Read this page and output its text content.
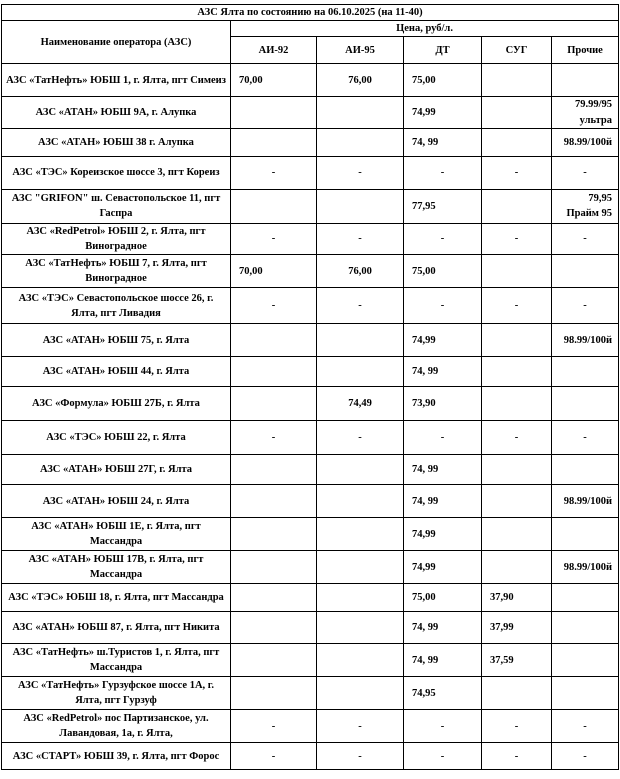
АЗС Ялта по состоянию на 06.10.2025 (на 11-40)					
Наименование оператора (АЗС)	Цена, руб/л.				
	АИ-92	АИ-95	ДТ	СУГ	Прочие
АЗС «ТатНефть» ЮБШ 1, г. Ялта, пгт Симеиз	70,00	76,00	75,00		
АЗС «АТАН» ЮБШ 9А, г. Алупка			74,99		79.99/95 ультра
АЗС «АТАН» ЮБШ 38 г. Алупка			74, 99		98.99/100й
АЗС «ТЭС» Кореизское шоссе 3, пгт Кореиз	-	-	-	-	-
АЗС "GRIFON" ш. Севастопольское 11, пгт Гаспра			77,95		79,95 Прайм 95
АЗС «RedPetrol» ЮБШ 2, г. Ялта, пгт Виноградное	-	-	-	-	-
АЗС «ТатНефть» ЮБШ 7, г. Ялта, пгт Виноградное	70,00	76,00	75,00		
АЗС «ТЭС» Севастопольское шоссе 26, г. Ялта, пгт Ливадия	-	-	-	-	-
АЗС «АТАН» ЮБШ 75, г. Ялта			74,99		98.99/100й
АЗС «АТАН» ЮБШ 44, г. Ялта			74, 99		
АЗС «Формула» ЮБШ 27Б, г. Ялта		74,49	73,90		
АЗС «ТЭС» ЮБШ 22, г. Ялта	-	-	-	-	-
АЗС «АТАН» ЮБШ 27Г, г. Ялта			74, 99		
АЗС «АТАН» ЮБШ 24, г. Ялта			74, 99		98.99/100й
АЗС «АТАН» ЮБШ 1Е, г. Ялта, пгт Массандра			74,99		
АЗС «АТАН» ЮБШ 17В, г. Ялта, пгт Массандра			74,99		98.99/100й
АЗС «ТЭС» ЮБШ 18, г. Ялта, пгт Массандра			75,00	37,90	
АЗС «АТАН» ЮБШ 87, г. Ялта, пгт Никита			74, 99	37,99	
АЗС «ТатНефть» ш.Туристов 1, г. Ялта, пгт Массандра			74, 99	37,59	
АЗС «ТатНефть» Гурзуфское шоссе 1А, г. Ялта, пгт Гурзуф			74,95		
АЗС «RedPetrol» пос Партизанское, ул. Лавандовая, 1а, г. Ялта,	-	-	-	-	-
АЗС «СТАРТ» ЮБШ 39, г. Ялта, пгт Форос	-	-	-	-	-
